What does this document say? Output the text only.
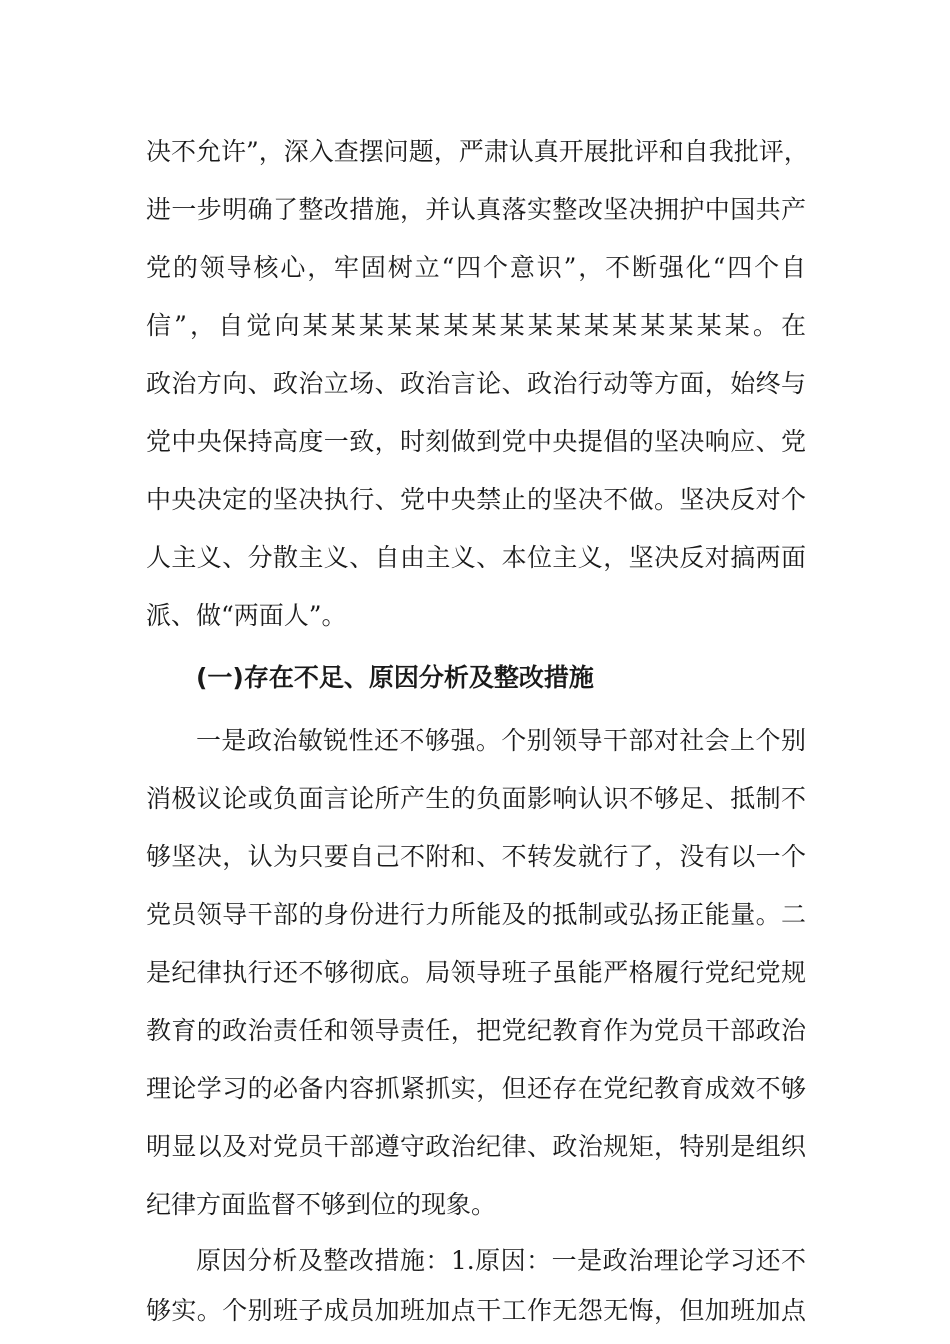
决不允许”，深入查摆问题，严肃认真开展批评和自我批评，
进一步明确了整改措施，并认真落实整改坚决拥护中国共产
党的领导核心，牢固树立“四个意识”，不断强化“四个自
信”，自觉向某某某某某某某某某某某某某某某某。在
政治方向、政治立场、政治言论、政治行动等方面，始终与
党中央保持高度一致，时刻做到党中央提倡的坚决响应、党
中央决定的坚决执行、党中央禁止的坚决不做。坚决反对个
人主义、分散主义、自由主义、本位主义，坚决反对搞两面
派、做“两面人”。
(一)存在不足、原因分析及整改措施
一是政治敏锐性还不够强。个别领导干部对社会上个别
消极议论或负面言论所产生的负面影响认识不够足、抵制不
够坚决，认为只要自己不附和、不转发就行了，没有以一个
党员领导干部的身份进行力所能及的抵制或弘扬正能量。二
是纪律执行还不够彻底。局领导班子虽能严格履行党纪党规
教育的政治责任和领导责任，把党纪教育作为党员干部政治
理论学习的必备内容抓紧抓实，但还存在党纪教育成效不够
明显以及对党员干部遵守政治纪律、政治规矩，特别是组织
纪律方面监督不够到位的现象。
原因分析及整改措施：1.原因：一是政治理论学习还不
够实。个别班子成员加班加点干工作无怨无悔，但加班加点
